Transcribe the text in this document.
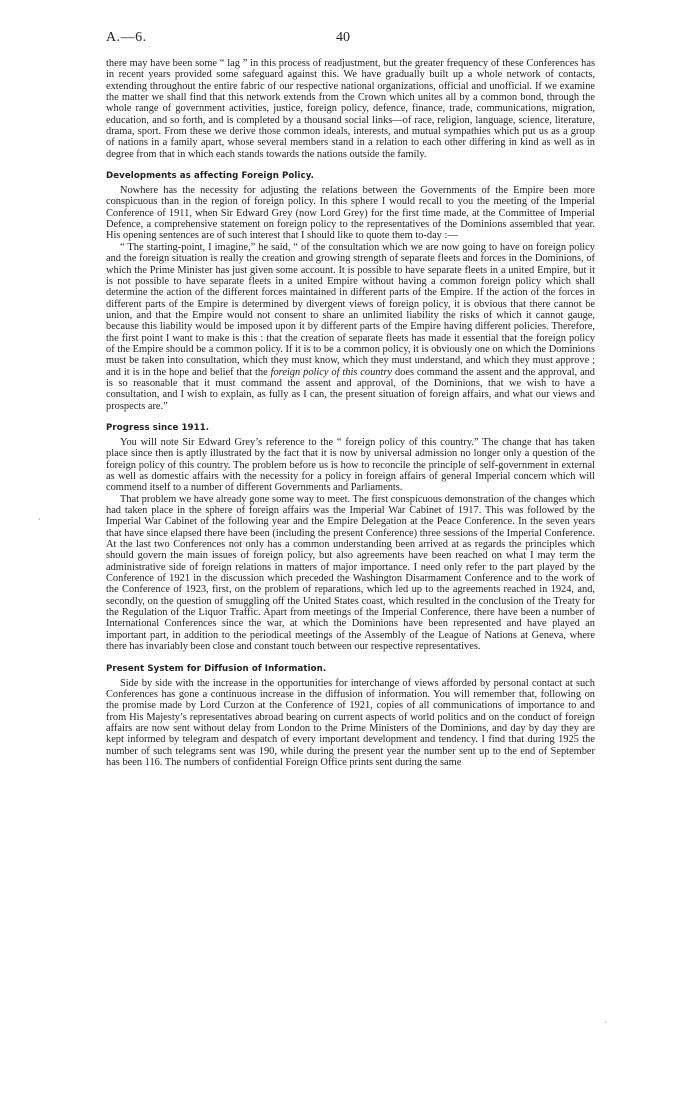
A.—6.	40

there may have been some “ lag ” in this process of readjustment, but the greater frequency of these Conferences has in recent years provided some safeguard against this. We have gradually built up a whole network of contacts, extending throughout the entire fabric of our respective national organizations, official and unofficial. If we examine the matter we shall find that this network extends from the Crown which unites all by a common bond, through the whole range of government activities, justice, foreign policy, defence, finance, trade, communications, migration, education, and so forth, and is completed by a thousand social links—of race, religion, language, science, literature, drama, sport. From these we derive those common ideals, interests, and mutual sympathies which put us as a group of nations in a family apart, whose several members stand in a relation to each other differing in kind as well as in degree from that in which each stands towards the nations outside the family.

Developments as affecting Foreign Policy.

Nowhere has the necessity for adjusting the relations between the Governments of the Empire been more conspicuous than in the region of foreign policy. In this sphere I would recall to you the meeting of the Imperial Conference of 1911, when Sir Edward Grey (now Lord Grey) for the first time made, at the Committee of Imperial Defence, a comprehensive statement on foreign policy to the representatives of the Dominions assembled that year. His opening sentences are of such interest that I should like to quote them to-day :—

“ The starting-point, I imagine,” he said, “ of the consultation which we are now going to have on foreign policy and the foreign situation is really the creation and growing strength of separate fleets and forces in the Dominions, of which the Prime Minister has just given some account. It is possible to have separate fleets in a united Empire, but it is not possible to have separate fleets in a united Empire without having a common foreign policy which shall determine the action of the different forces maintained in different parts of the Empire. If the action of the forces in different parts of the Empire is determined by divergent views of foreign policy, it is obvious that there cannot be union, and that the Empire would not consent to share an unlimited liability the risks of which it cannot gauge, because this liability would be imposed upon it by different parts of the Empire having different policies. Therefore, the first point I want to make is this : that the creation of separate fleets has made it essential that the foreign policy of the Empire should be a common policy. If it is to be a common policy, it is obviously one on which the Dominions must be taken into consultation, which they must know, which they must understand, and which they must approve ; and it is in the hope and belief that the foreign policy of this country does command the assent and the approval, and is so reasonable that it must command the assent and approval, of the Dominions, that we wish to have a consultation, and I wish to explain, as fully as I can, the present situation of foreign affairs, and what our views and prospects are.”

Progress since 1911.

You will note Sir Edward Grey’s reference to the “ foreign policy of this country.” The change that has taken place since then is aptly illustrated by the fact that it is now by universal admission no longer only a question of the foreign policy of this country. The problem before us is how to reconcile the principle of self-government in external as well as domestic affairs with the necessity for a policy in foreign affairs of general Imperial concern which will commend itself to a number of different Governments and Parliaments.

That problem we have already gone some way to meet. The first conspicuous demonstration of the changes which had taken place in the sphere of foreign affairs was the Imperial War Cabinet of 1917. This was followed by the Imperial War Cabinet of the following year and the Empire Delegation at the Peace Conference. In the seven years that have since elapsed there have been (including the present Conference) three sessions of the Imperial Conference. At the last two Conferences not only has a common understanding been arrived at as regards the principles which should govern the main issues of foreign policy, but also agreements have been reached on what I may term the administrative side of foreign relations in matters of major importance. I need only refer to the part played by the Conference of 1921 in the discussion which preceded the Washington Disarmament Conference and to the work of the Conference of 1923, first, on the problem of reparations, which led up to the agreements reached in 1924, and, secondly, on the question of smuggling off the United States coast, which resulted in the conclusion of the Treaty for the Regulation of the Liquor Traffic. Apart from meetings of the Imperial Conference, there have been a number of International Conferences since the war, at which the Dominions have been represented and have played an important part, in addition to the periodical meetings of the Assembly of the League of Nations at Geneva, where there has invariably been close and constant touch between our respective representatives.

Present System for Diffusion of Information.

Side by side with the increase in the opportunities for interchange of views afforded by personal contact at such Conferences has gone a continuous increase in the diffusion of information. You will remember that, following on the promise made by Lord Curzon at the Conference of 1921, copies of all communications of importance to and from His Majesty’s representatives abroad bearing on current aspects of world politics and on the conduct of foreign affairs are now sent without delay from London to the Prime Ministers of the Dominions, and day by day they are kept informed by telegram and despatch of every important development and tendency. I find that during 1925 the number of such telegrams sent was 190, while during the present year the number sent up to the end of September has been 116. The numbers of confidential Foreign Office prints sent during the same

·
´
